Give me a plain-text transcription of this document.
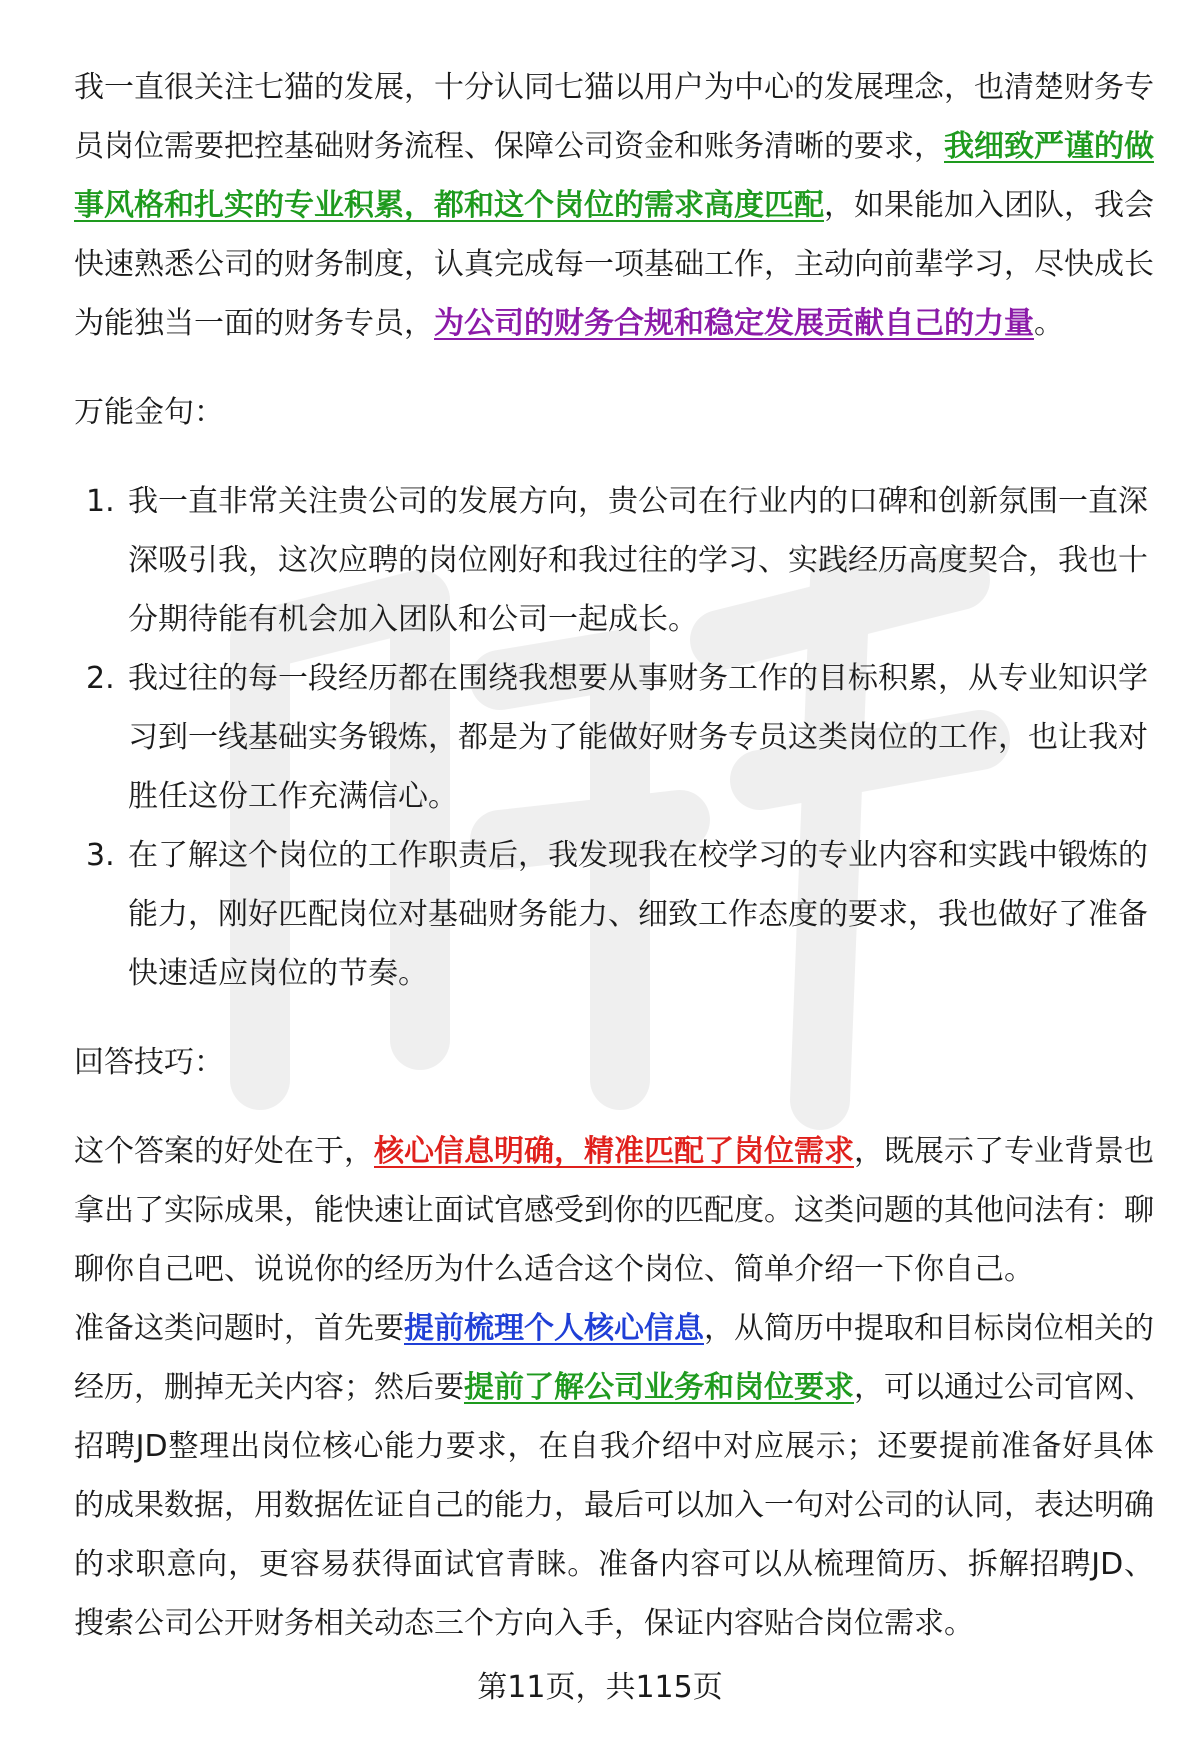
我一直很关注七猫的发展，十分认同七猫以用户为中心的发展理念，也清楚财务专员岗位需要把控基础财务流程、保障公司资金和账务清晰的要求，我细致严谨的做事风格和扎实的专业积累，都和这个岗位的需求高度匹配，如果能加入团队，我会快速熟悉公司的财务制度，认真完成每一项基础工作，主动向前辈学习，尽快成长为能独当一面的财务专员，为公司的财务合规和稳定发展贡献自己的力量。

万能金句：

1. 我一直非常关注贵公司的发展方向，贵公司在行业内的口碑和创新氛围一直深深吸引我，这次应聘的岗位刚好和我过往的学习、实践经历高度契合，我也十分期待能有机会加入团队和公司一起成长。
2. 我过往的每一段经历都在围绕我想要从事财务工作的目标积累，从专业知识学习到一线基础实务锻炼，都是为了能做好财务专员这类岗位的工作，也让我对胜任这份工作充满信心。
3. 在了解这个岗位的工作职责后，我发现我在校学习的专业内容和实践中锻炼的能力，刚好匹配岗位对基础财务能力、细致工作态度的要求，我也做好了准备快速适应岗位的节奏。

回答技巧：

这个答案的好处在于，核心信息明确，精准匹配了岗位需求，既展示了专业背景也拿出了实际成果，能快速让面试官感受到你的匹配度。这类问题的其他问法有：聊聊你自己吧、说说你的经历为什么适合这个岗位、简单介绍一下你自己。

准备这类问题时，首先要提前梳理个人核心信息，从简历中提取和目标岗位相关的经历，删掉无关内容；然后要提前了解公司业务和岗位要求，可以通过公司官网、招聘JD整理出岗位核心能力要求，在自我介绍中对应展示；还要提前准备好具体的成果数据，用数据佐证自己的能力，最后可以加入一句对公司的认同，表达明确的求职意向，更容易获得面试官青睐。准备内容可以从梳理简历、拆解招聘JD、搜索公司公开财务相关动态三个方向入手，保证内容贴合岗位需求。

第11页，共115页
